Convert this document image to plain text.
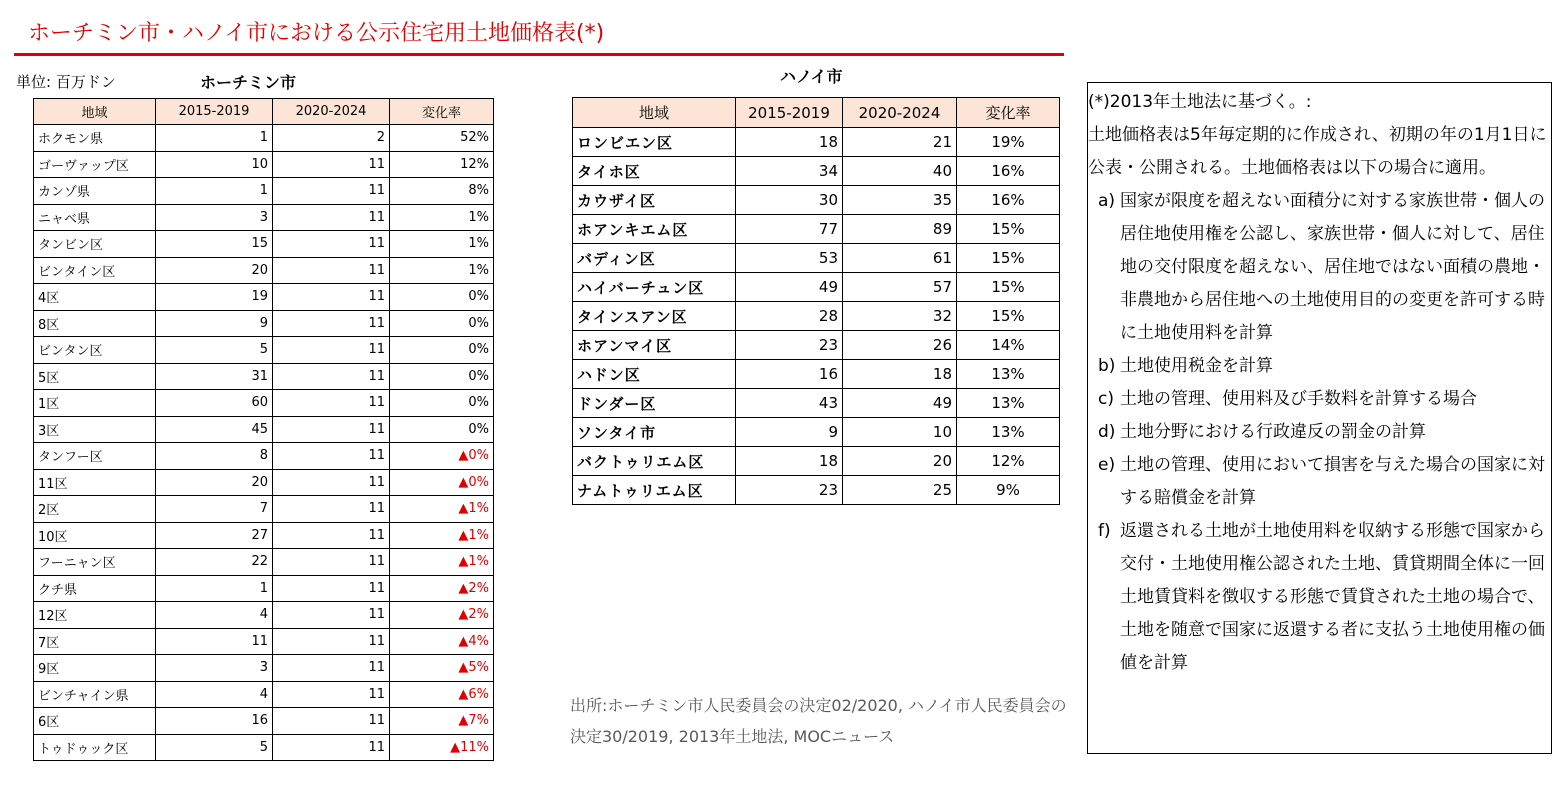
ホーチミン市・ハノイ市における公示住宅用土地価格表(*)
単位: 百万ドン	ホーチミン市	ハノイ市
地域	2015-2019	2020-2024	変化率
ホクモン県	1	2	52%
ゴーヴァップ区	10	11	12%
カンゾ県	1	11	8%
ニャベ県	3	11	1%
タンビン区	15	11	1%
ビンタイン区	20	11	1%
4区	19	11	0%
8区	9	11	0%
ビンタン区	5	11	0%
5区	31	11	0%
1区	60	11	0%
3区	45	11	0%
タンフー区	8	11	▲0%
11区	20	11	▲0%
2区	7	11	▲1%
10区	27	11	▲1%
フーニャン区	22	11	▲1%
クチ県	1	11	▲2%
12区	4	11	▲2%
7区	11	11	▲4%
9区	3	11	▲5%
ビンチャイン県	4	11	▲6%
6区	16	11	▲7%
トゥドゥック区	5	11	▲11%
地域	2015-2019	2020-2024	変化率
ロンビエン区	18	21	19%
タイホ区	34	40	16%
カウザイ区	30	35	16%
ホアンキエム区	77	89	15%
バディン区	53	61	15%
ハイバーチュン区	49	57	15%
タインスアン区	28	32	15%
ホアンマイ区	23	26	14%
ハドン区	16	18	13%
ドンダー区	43	49	13%
ソンタイ市	9	10	13%
バクトゥリエム区	18	20	12%
ナムトゥリエム区	23	25	9%
出所:ホーチミン市人民委員会の決定02/2020, ハノイ市人民委員会の決定30/2019, 2013年土地法, MOCニュース

(*)2013年土地法に基づく。:

土地価格表は5年毎定期的に作成され、初期の年の1月1日に公表・公開される。土地価格表は以下の場合に適用。

a) 国家が限度を超えない面積分に対する家族世帯・個人の居住地使用権を公認し、家族世帯・個人に対して、居住地の交付限度を超えない、居住地ではない面積の農地・非農地から居住地への土地使用目的の変更を許可する時に土地使用料を計算
b) 土地使用税金を計算
c) 土地の管理、使用料及び手数料を計算する場合
d) 土地分野における行政違反の罰金の計算
e) 土地の管理、使用において損害を与えた場合の国家に対する賠償金を計算
f) 返還される土地が土地使用料を収納する形態で国家から交付・土地使用権公認された土地、賃貸期間全体に一回土地賃貸料を徴収する形態で賃貸された土地の場合で、土地を随意で国家に返還する者に支払う土地使用権の価値を計算
